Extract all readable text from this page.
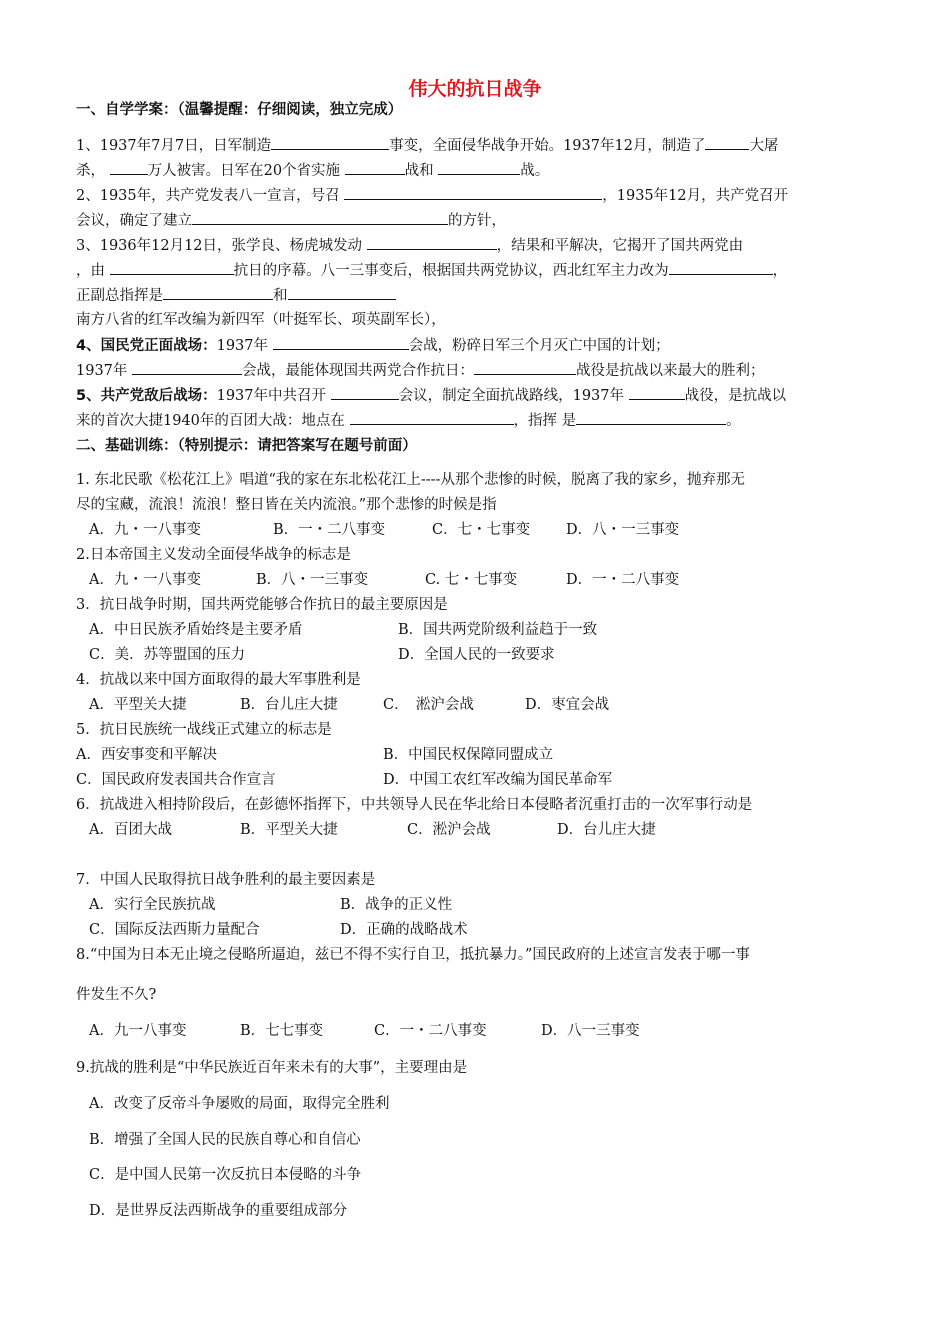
伟大的抗日战争
一、自学学案：（温馨提醒：仔细阅读，独立完成）
1、1937年7月7日，日军制造	事变，全面侵华战争开始。1937年12月，制造了	大屠
杀，	万人被害。日军在20个省实施	战和	战。
2、1935年，共产党发表八一宣言，号召	，1935年12月，共产党召开
会议，确定了建立	的方针，
3、1936年12月12日，张学良、杨虎城发动	，结果和平解决，它揭开了国共两党由
，由	抗日的序幕。八一三事变后，根据国共两党协议，西北红军主力改为	，
正副总指挥是	和
南方八省的红军改编为新四军（叶挺军长、项英副军长），
4、国民党正面战场：1937年	会战，粉碎日军三个月灭亡中国的计划；
1937年	会战，最能体现国共两党合作抗日：	战役是抗战以来最大的胜利；
5、共产党敌后战场：1937年中共召开	会议，制定全面抗战路线，1937年	战役，是抗战以
来的首次大捷1940年的百团大战：地点在	，指挥 是	。
二、基础训练：（特别提示：请把答案写在题号前面）
1. 东北民歌《松花江上》唱道“我的家在东北松花江上----从那个悲惨的时候，脱离了我的家乡，抛弃那无
尽的宝藏，流浪！流浪！整日皆在关内流浪。”那个悲惨的时候是指
A．九・一八事变	B．一・二八事变	C．七・七事变 D．八・一三事变
2.日本帝国主义发动全面侵华战争的标志是
A．九・一八事变	B．八・一三事变	C. 七・七事变	D．一・二八事变
3．抗日战争时期，国共两党能够合作抗日的最主要原因是
A．中日民族矛盾始终是主要矛盾	B．国共两党阶级利益趋于一致
C．美．苏等盟国的压力	D．全国人民的一致要求
4．抗战以来中国方面取得的最大军事胜利是
A．平型关大捷	B．台儿庄大捷	C．　淞沪会战	D．枣宜会战
5．抗日民族统一战线正式建立的标志是
A．西安事变和平解决	B．中国民权保障同盟成立
C．国民政府发表国共合作宣言	D．中国工农红军改编为国民革命军
6．抗战进入相持阶段后，在彭德怀指挥下，中共领导人民在华北给日本侵略者沉重打击的一次军事行动是
A．百团大战	B．平型关大捷	C．淞沪会战	D．台儿庄大捷
7．中国人民取得抗日战争胜利的最主要因素是
A．实行全民族抗战	B．战争的正义性
C．国际反法西斯力量配合	D．正确的战略战术
8.“中国为日本无止境之侵略所逼迫，兹已不得不实行自卫，抵抗暴力。”国民政府的上述宣言发表于哪一事
件发生不久?
A．九一八事变	B．七七事变	C．一・二八事变	D．八一三事变
9.抗战的胜利是“中华民族近百年来未有的大事”，主要理由是
A．改变了反帝斗争屡败的局面，取得完全胜利
B．增强了全国人民的民族自尊心和自信心
C．是中国人民第一次反抗日本侵略的斗争
D．是世界反法西斯战争的重要组成部分
